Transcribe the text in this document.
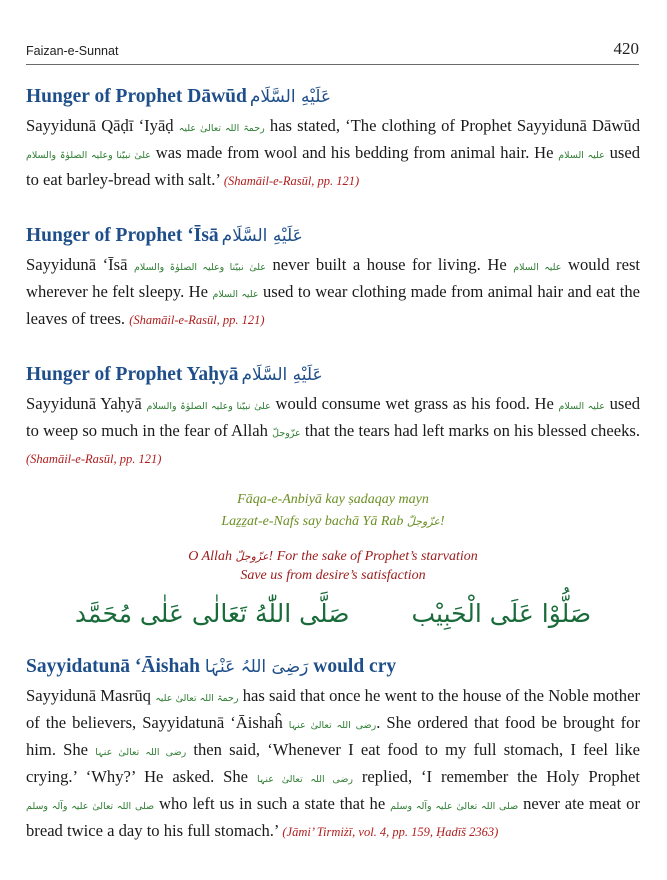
Faizan-e-Sunnat	420
Hunger of Prophet Dāwūd عَلَيْهِ السَّلَام

Sayyidunā Qāḍī ‘Iyāḍ رحمۃ اللہ تعالیٰ علیہ has stated, ‘The clothing of Prophet Sayyidunā Dāwūd علیٰ نبیّنا وعلیہ الصلوٰۃ والسلام was made from wool and his bedding from animal hair. He علیہ السلام used to eat barley-bread with salt.’ (Shamāil-e-Rasūl, pp. 121)

Hunger of Prophet ‘Īsā عَلَيْهِ السَّلَام

Sayyidunā ‘Īsā علیٰ نبیّنا وعلیہ الصلوٰۃ والسلام never built a house for living. He علیہ السلام would rest wherever he felt sleepy. He علیہ السلام used to wear clothing made from animal hair and eat the leaves of trees. (Shamāil-e-Rasūl, pp. 121)

Hunger of Prophet Yaḥyā عَلَيْهِ السَّلَام

Sayyidunā Yaḥyā علیٰ نبیّنا وعلیہ الصلوٰۃ والسلام would consume wet grass as his food. He علیہ السلام used to weep so much in the fear of Allah عزّوجلّ that the tears had left marks on his blessed cheeks. (Shamāil-e-Rasūl, pp. 121)

Fāqa-e-Anbiyā kay ṣadaqay mayn
Laẕẕat-e-Nafs say bachā Yā Rab عزّوجلّ!
O Allah عزّوجلّ! For the sake of Prophet’s starvation
Save us from desire’s satisfaction
صَلُّوْا عَلَى الْحَبِيْب
صَلَّى اللّٰهُ تَعَالٰى عَلٰى مُحَمَّد
Sayyidatunā ‘Āishah رَضِیَ اللہُ عَنْہَا would cry

Sayyidunā Masrūq رحمۃ اللہ تعالیٰ علیہ has said that once he went to the house of the Noble mother of the believers, Sayyidatunā ‘Āishaĥ رضی اللہ تعالیٰ عنہا. She ordered that food be brought for him. She رضی اللہ تعالیٰ عنہا then said, ‘Whenever I eat food to my full stomach, I feel like crying.’ ‘Why?’ He asked. She رضی اللہ تعالیٰ عنہا replied, ‘I remember the Holy Prophet صلی اللہ تعالیٰ علیہ وآلہ وسلم who left us in such a state that he صلی اللہ تعالیٰ علیہ وآلہ وسلم never ate meat or bread twice a day to his full stomach.’ (Jāmi’ Tirmiżī, vol. 4, pp. 159, Ḥadīš 2363)
